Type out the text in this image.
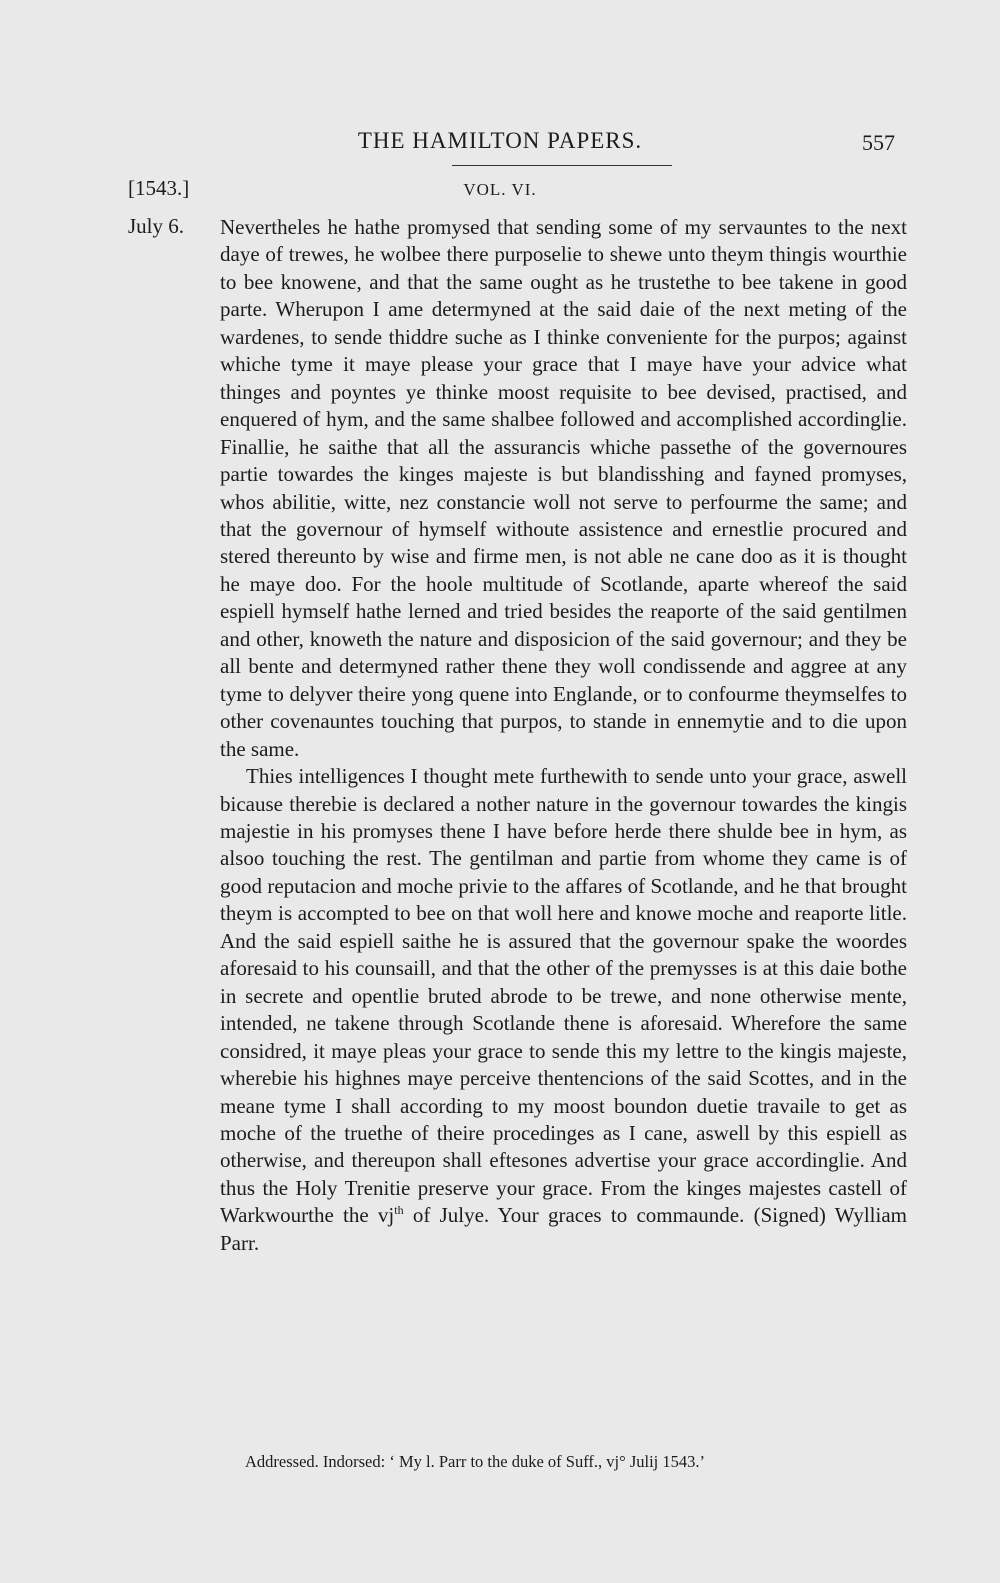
THE HAMILTON PAPERS.	557
[1543.]	VOL. VI.
July 6. Nevertheles he hathe promysed that sending some of my servauntes to the next daye of trewes, he wolbee there purposelie to shewe unto theym thingis wourthie to bee knowene, and that the same ought as he trustethe to bee takene in good parte. Wherupon I ame determyned at the said daie of the next meting of the wardenes, to sende thiddre suche as I thinke conveniente for the purpos; against whiche tyme it maye please your grace that I maye have your advice what thinges and poyntes ye thinke moost requisite to bee devised, practised, and enquered of hym, and the same shalbee followed and accomplished accordinglie. Finallie, he saithe that all the assurancis whiche passethe of the governoures partie towardes the kinges majeste is but blandisshing and fayned promyses, whos abilitie, witte, nez constancie woll not serve to perfourme the same; and that the governour of hymself withoute assistence and ernestlie procured and stered thereunto by wise and firme men, is not able ne cane doo as it is thought he maye doo. For the hoole multitude of Scotlande, aparte whereof the said espiell hymself hathe lerned and tried besides the reaporte of the said gentilmen and other, knoweth the nature and disposicion of the said governour; and they be all bente and determyned rather thene they woll condissende and aggree at any tyme to delyver theire yong quene into Englande, or to confourme theymselfes to other covenauntes touching that purpos, to stande in ennemytie and to die upon the same.

Thies intelligences I thought mete furthewith to sende unto your grace, aswell bicause therebie is declared a nother nature in the governour towardes the kingis majestie in his promyses thene I have before herde there shulde bee in hym, as alsoo touching the rest. The gentilman and partie from whome they came is of good reputacion and moche privie to the affares of Scotlande, and he that brought theym is accompted to bee on that woll here and knowe moche and reaporte litle. And the said espiell saithe he is assured that the governour spake the woordes aforesaid to his counsaill, and that the other of the premysses is at this daie bothe in secrete and opentlie bruted abrode to be trewe, and none otherwise mente, intended, ne takene through Scotlande thene is aforesaid. Wherefore the same considred, it maye pleas your grace to sende this my lettre to the kingis majeste, wherebie his highnes maye perceive thentencions of the said Scottes, and in the meane tyme I shall according to my moost boundon duetie travaile to get as moche of the truethe of theire procedinges as I cane, aswell by this espiell as otherwise, and thereupon shall eftesones advertise your grace accordinglie. And thus the Holy Trenitie preserve your grace. From the kinges majestes castell of Warkwourthe the $vj^{th}$ of Julye. Your graces to commaunde. (Signed) Wylliam Parr.

Addressed. Indorsed: ‘ My l. Parr to the duke of Suff., vj° Julij 1543.’
